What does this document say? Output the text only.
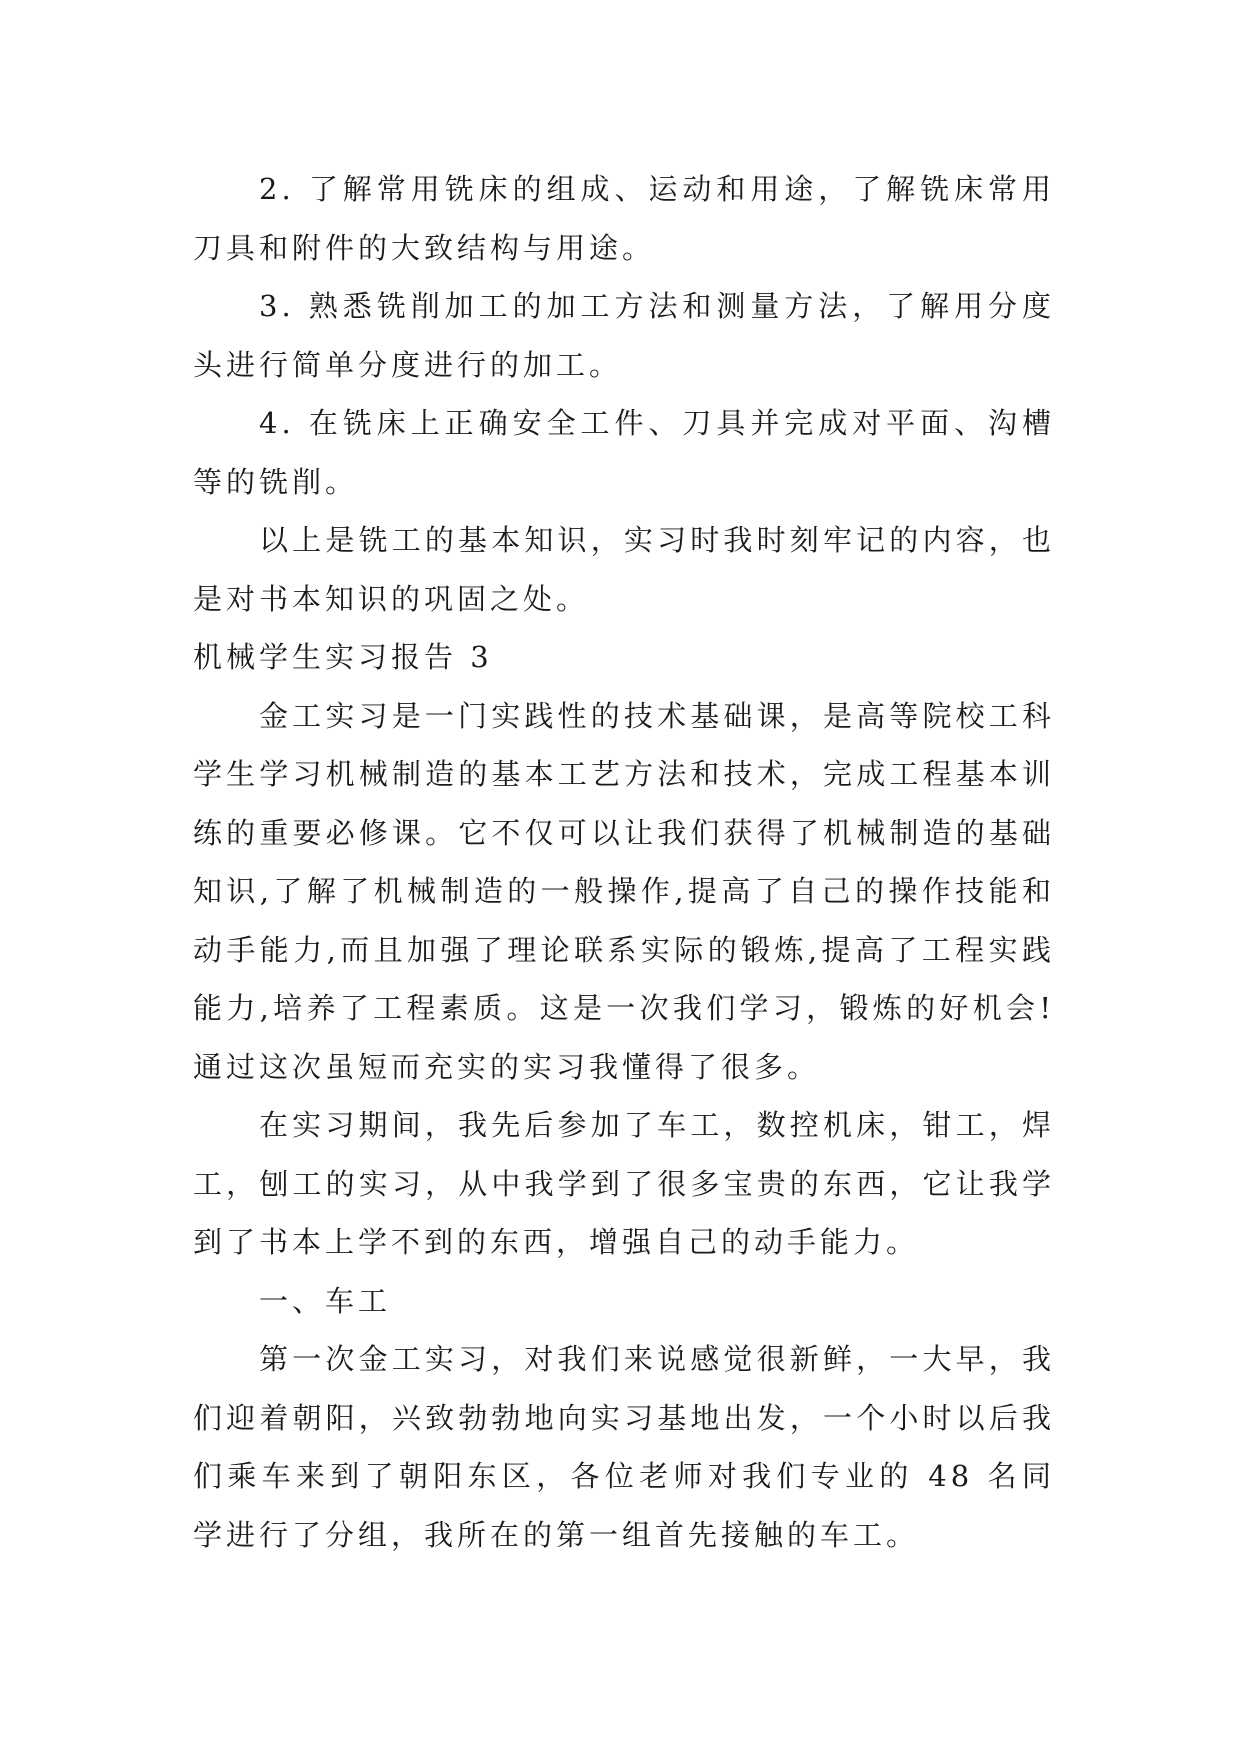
2. 了解常用铣床的组成、运动和用途，了解铣床常用刀具和附件的大致结构与用途。

3. 熟悉铣削加工的加工方法和测量方法，了解用分度头进行简单分度进行的加工。

4. 在铣床上正确安全工件、刀具并完成对平面、沟槽等的铣削。

以上是铣工的基本知识，实习时我时刻牢记的内容，也是对书本知识的巩固之处。

机械学生实习报告 3

金工实习是一门实践性的技术基础课，是高等院校工科学生学习机械制造的基本工艺方法和技术，完成工程基本训练的重要必修课。它不仅可以让我们获得了机械制造的基础知识,了解了机械制造的一般操作,提高了自己的操作技能和动手能力,而且加强了理论联系实际的锻炼,提高了工程实践能力,培养了工程素质。这是一次我们学习，锻炼的好机会!通过这次虽短而充实的实习我懂得了很多。

在实习期间，我先后参加了车工，数控机床，钳工，焊工，刨工的实习，从中我学到了很多宝贵的东西，它让我学到了书本上学不到的东西，增强自己的动手能力。

一、车工

第一次金工实习，对我们来说感觉很新鲜，一大早，我们迎着朝阳，兴致勃勃地向实习基地出发，一个小时以后我们乘车来到了朝阳东区，各位老师对我们专业的 48 名同学进行了分组，我所在的第一组首先接触的车工。
